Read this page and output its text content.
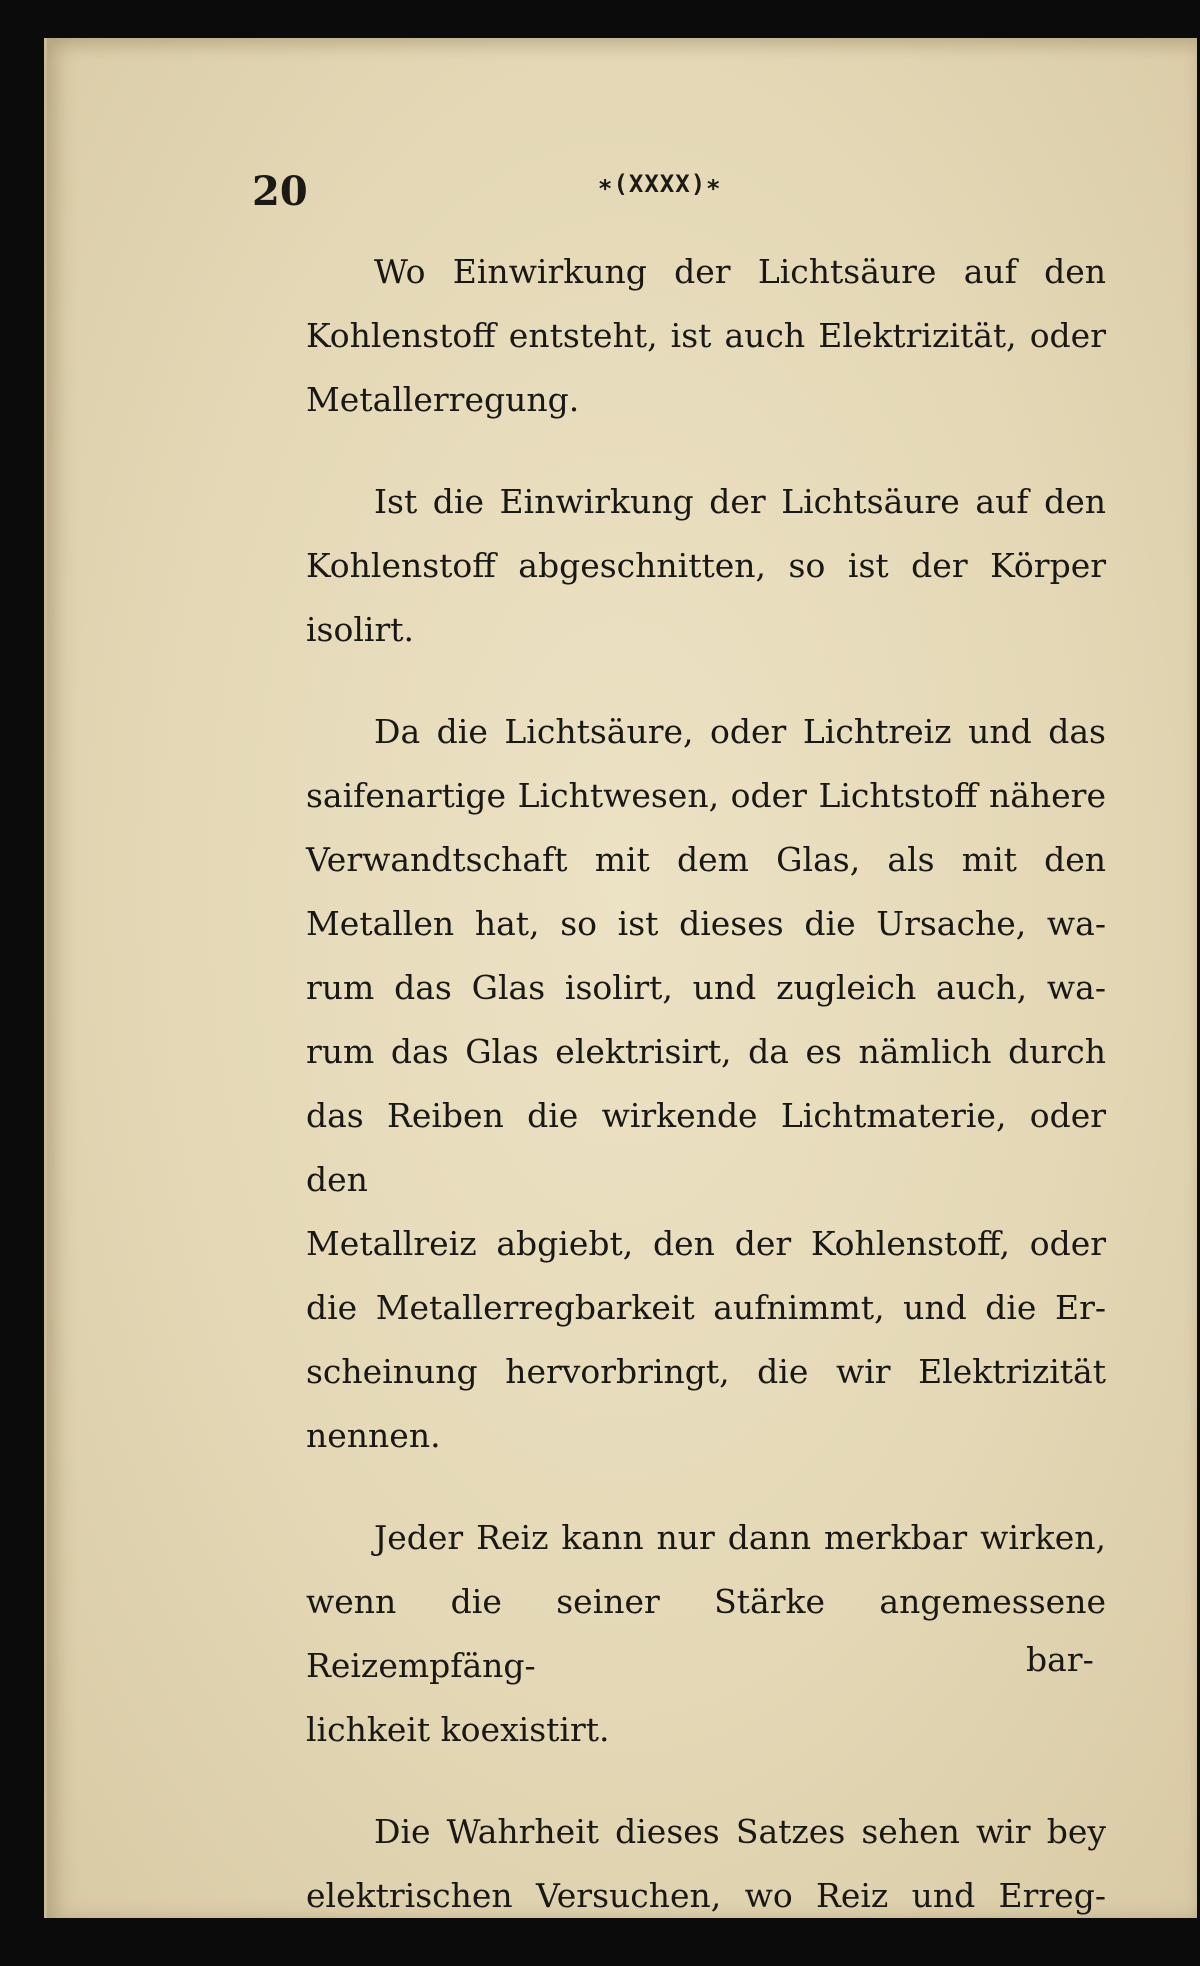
20	∗(XXXX)∗
Wo Einwirkung der Lichtsäure auf den
Kohlenstoff entsteht, ist auch Elektrizität, oder
Metallerregung.
Ist die Einwirkung der Lichtsäure auf den
Kohlenstoff abgeschnitten, so ist der Körper
isolirt.
Da die Lichtsäure, oder Lichtreiz und das
saifenartige Lichtwesen, oder Lichtstoff nähere
Verwandtschaft mit dem Glas, als mit den
Metallen hat, so ist dieses die Ursache, wa-
rum das Glas isolirt, und zugleich auch, wa-
rum das Glas elektrisirt, da es nämlich durch
das Reiben die wirkende Lichtmaterie, oder den
Metallreiz abgiebt, den der Kohlenstoff, oder
die Metallerregbarkeit aufnimmt, und die Er-
scheinung hervorbringt, die wir Elektrizität
nennen.
Jeder Reiz kann nur dann merkbar wirken,
wenn die seiner Stärke angemessene Reizempfäng-
lichkeit koexistirt.
Die Wahrheit dieses Satzes sehen wir bey
elektrischen Versuchen, wo Reiz und Erreg-
bar-
